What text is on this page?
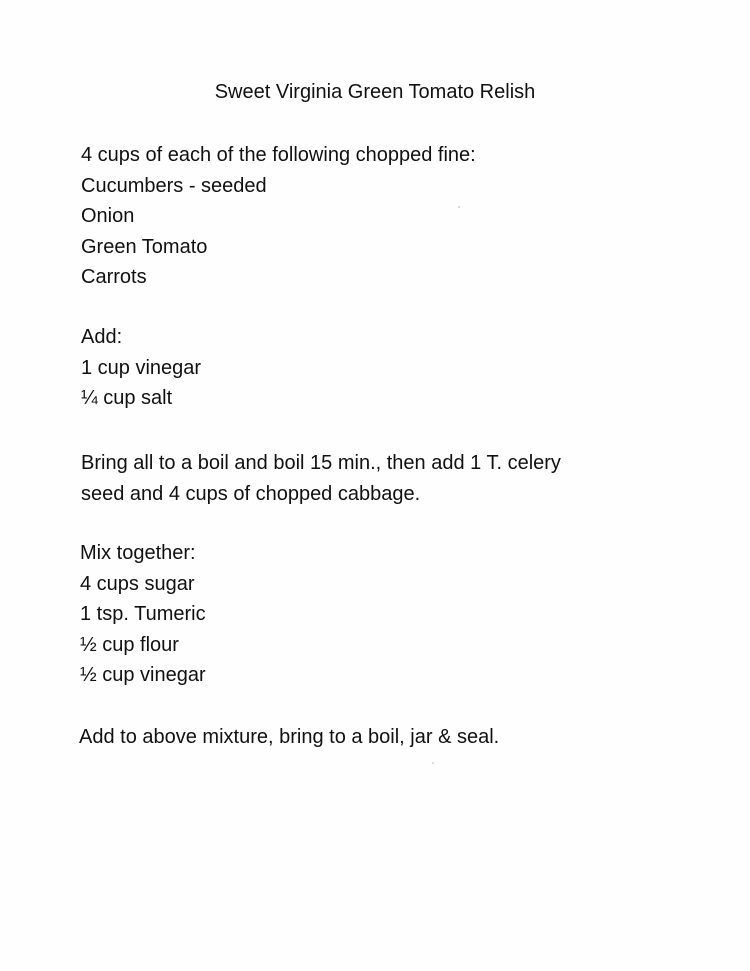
Sweet Virginia Green Tomato Relish
4 cups of each of the following chopped fine:
Cucumbers - seeded
Onion
Green Tomato
Carrots
Add:
1 cup vinegar
¼ cup salt
Bring all to a boil and boil 15 min., then add 1 T. celery
seed and 4 cups of chopped cabbage.
Mix together:
4 cups sugar
1 tsp. Tumeric
½ cup flour
½ cup vinegar
Add to above mixture, bring to a boil, jar & seal.
